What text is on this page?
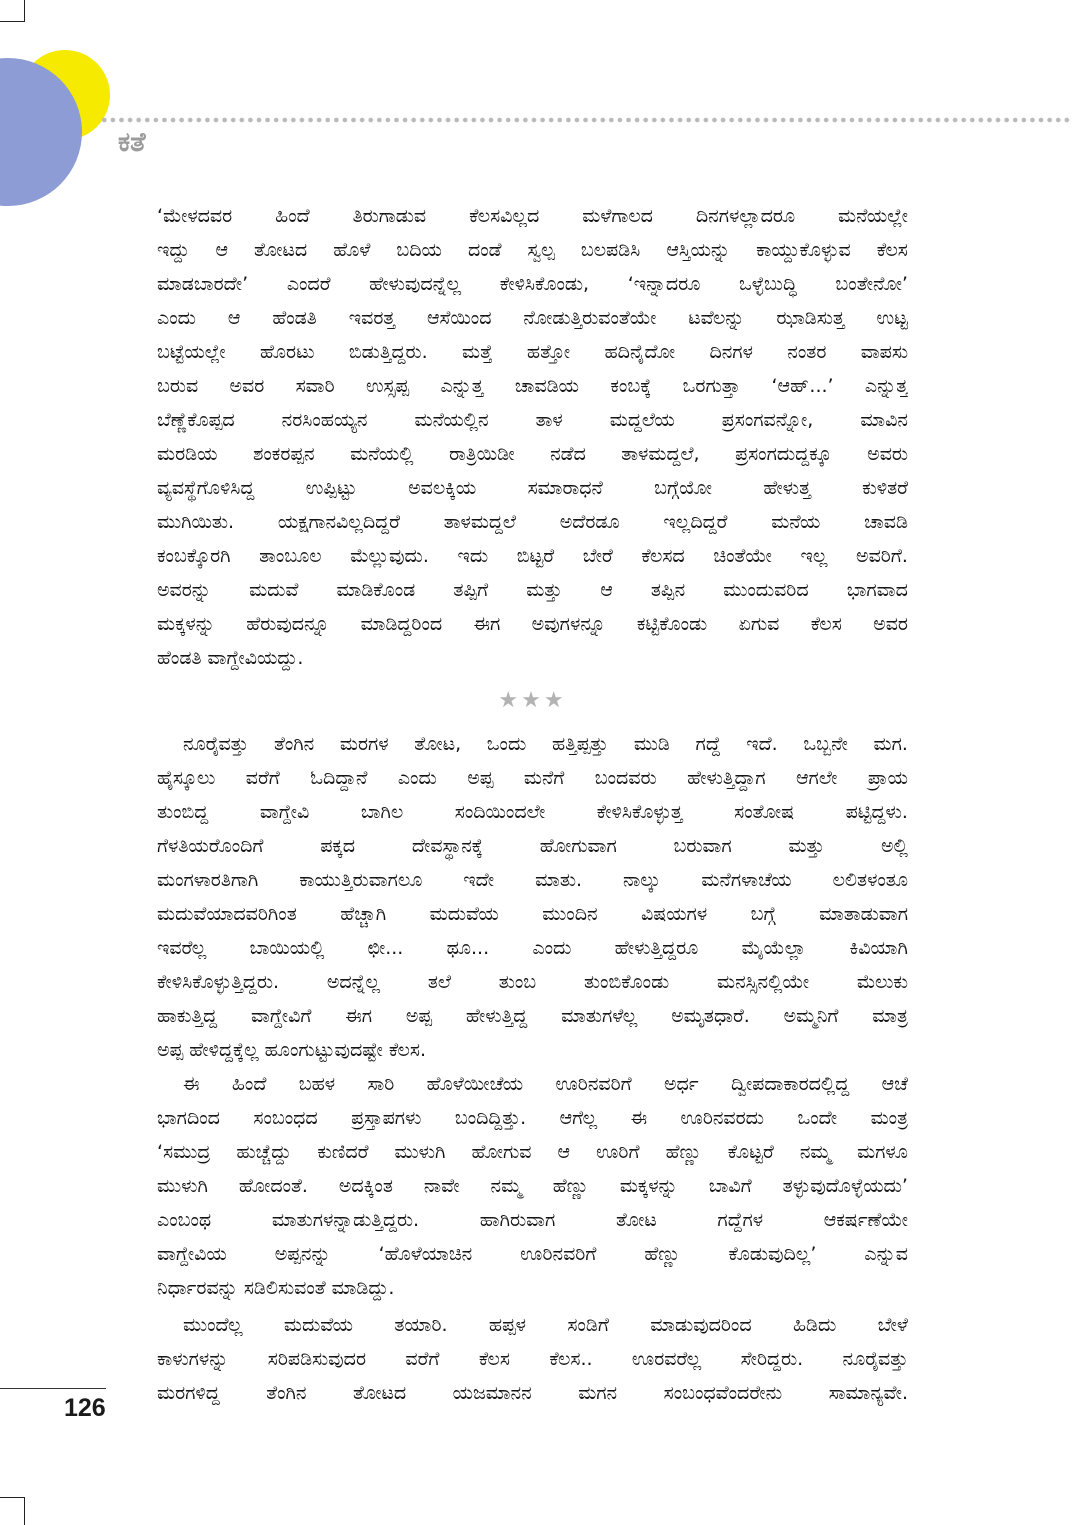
ಕತೆ
‘ಮೇಳದವರ ಹಿಂದೆ ತಿರುಗಾಡುವ ಕೆಲಸವಿಲ್ಲದ ಮಳೆಗಾಲದ ದಿನಗಳಲ್ಲಾದರೂ ಮನೆಯಲ್ಲೇ
ಇದ್ದು ಆ ತೋಟದ ಹೊಳೆ ಬದಿಯ ದಂಡೆ ಸ್ವಲ್ಪ ಬಲಪಡಿಸಿ ಆಸ್ತಿಯನ್ನು ಕಾಯ್ದುಕೊಳ್ಳುವ ಕೆಲಸ
ಮಾಡಬಾರದೇ’ ಎಂದರೆ ಹೇಳುವುದನ್ನೆಲ್ಲ ಕೇಳಿಸಿಕೊಂಡು, ‘ಇನ್ನಾದರೂ ಒಳ್ಳೆಬುದ್ಧಿ ಬಂತೇನೋ’
ಎಂದು ಆ ಹೆಂಡತಿ ಇವರತ್ತ ಆಸೆಯಿಂದ ನೋಡುತ್ತಿರುವಂತೆಯೇ ಟವೆಲನ್ನು ಝಾಡಿಸುತ್ತ ಉಟ್ಟ
ಬಟ್ಟೆಯಲ್ಲೇ ಹೊರಟು ಬಿಡುತ್ತಿದ್ದರು. ಮತ್ತೆ ಹತ್ತೋ ಹದಿನೈದೋ ದಿನಗಳ ನಂತರ ವಾಪಸು
ಬರುವ ಅವರ ಸವಾರಿ ಉಸ್ಸಪ್ಪ ಎನ್ನುತ್ತ ಚಾವಡಿಯ ಕಂಬಕ್ಕೆ ಒರಗುತ್ತಾ ‘ಆಹ್...’ ಎನ್ನುತ್ತ
ಬೆಣ್ಣೆಕೊಪ್ಪದ ನರಸಿಂಹಯ್ಯನ ಮನೆಯಲ್ಲಿನ ತಾಳ ಮದ್ದಲೆಯ ಪ್ರಸಂಗವನ್ನೋ, ಮಾವಿನ
ಮರಡಿಯ ಶಂಕರಪ್ಪನ ಮನೆಯಲ್ಲಿ ರಾತ್ರಿಯಿಡೀ ನಡೆದ ತಾಳಮದ್ದಲೆ, ಪ್ರಸಂಗದುದ್ದಕ್ಕೂ ಅವರು
ವ್ಯವಸ್ಥೆಗೊಳಿಸಿದ್ದ	ಉಪ್ಪಿಟ್ಟು	ಅವಲಕ್ಕಿಯ	ಸಮಾರಾಧನೆ	ಬಗ್ಗೆಯೋ	ಹೇಳುತ್ತ	ಕುಳಿತರೆ
ಮುಗಿಯಿತು. ಯಕ್ಷಗಾನವಿಲ್ಲದಿದ್ದರೆ ತಾಳಮದ್ದಲೆ ಅದೆರಡೂ ಇಲ್ಲದಿದ್ದರೆ ಮನೆಯ ಚಾವಡಿ
ಕಂಬಕ್ಕೊರಗಿ ತಾಂಬೂಲ ಮೆಲ್ಲುವುದು. ಇದು ಬಿಟ್ಟರೆ ಬೇರೆ ಕೆಲಸದ ಚಿಂತೆಯೇ ಇಲ್ಲ ಅವರಿಗೆ.
ಅವರನ್ನು ಮದುವೆ ಮಾಡಿಕೊಂಡ ತಪ್ಪಿಗೆ ಮತ್ತು ಆ ತಪ್ಪಿನ ಮುಂದುವರಿದ ಭಾಗವಾದ
ಮಕ್ಕಳನ್ನು ಹೆರುವುದನ್ನೂ ಮಾಡಿದ್ದರಿಂದ ಈಗ ಅವುಗಳನ್ನೂ ಕಟ್ಟಿಕೊಂಡು ಏಗುವ ಕೆಲಸ ಅವರ
ಹೆಂಡತಿ ವಾಗ್ದೇವಿಯದ್ದು.
★★★
ನೂರೈವತ್ತು ತೆಂಗಿನ ಮರಗಳ ತೋಟ, ಒಂದು ಹತ್ತಿಪ್ಪತ್ತು ಮುಡಿ ಗದ್ದೆ ಇದೆ. ಒಬ್ಬನೇ ಮಗ.
ಹೈಸ್ಕೂಲು ವರೆಗೆ ಓದಿದ್ದಾನೆ ಎಂದು ಅಪ್ಪ ಮನೆಗೆ ಬಂದವರು ಹೇಳುತ್ತಿದ್ದಾಗ ಆಗಲೇ ಪ್ರಾಯ
ತುಂಬಿದ್ದ	ವಾಗ್ದೇವಿ	ಬಾಗಿಲ	ಸಂದಿಯಿಂದಲೇ	ಕೇಳಿಸಿಕೊಳ್ಳುತ್ತ	ಸಂತೋಷ	ಪಟ್ಟಿದ್ದಳು.
ಗೆಳತಿಯರೊಂದಿಗೆ	ಪಕ್ಕದ	ದೇವಸ್ಥಾನಕ್ಕೆ	ಹೋಗುವಾಗ	ಬರುವಾಗ	ಮತ್ತು	ಅಲ್ಲಿ
ಮಂಗಳಾರತಿಗಾಗಿ ಕಾಯುತ್ತಿರುವಾಗಲೂ ಇದೇ ಮಾತು. ನಾಲ್ಕು ಮನೆಗಳಾಚೆಯ ಲಲಿತಳಂತೂ
ಮದುವೆಯಾದವರಿಗಿಂತ ಹೆಚ್ಚಾಗಿ ಮದುವೆಯ ಮುಂದಿನ ವಿಷಯಗಳ ಬಗ್ಗೆ ಮಾತಾಡುವಾಗ
ಇವರೆಲ್ಲ ಬಾಯಿಯಲ್ಲಿ ಛೀ... ಥೂ... ಎಂದು ಹೇಳುತ್ತಿದ್ದರೂ ಮೈಯೆಲ್ಲಾ ಕಿವಿಯಾಗಿ
ಕೇಳಿಸಿಕೊಳ್ಳುತ್ತಿದ್ದರು.	ಅದನ್ನೆಲ್ಲ	ತಲೆ	ತುಂಬ	ತುಂಬಿಕೊಂಡು	ಮನಸ್ಸಿನಲ್ಲಿಯೇ	ಮೆಲುಕು
ಹಾಕುತ್ತಿದ್ದ ವಾಗ್ದೇವಿಗೆ ಈಗ ಅಪ್ಪ ಹೇಳುತ್ತಿದ್ದ ಮಾತುಗಳೆಲ್ಲ ಅಮೃತಧಾರೆ. ಅಮ್ಮನಿಗೆ ಮಾತ್ರ
ಅಪ್ಪ ಹೇಳಿದ್ದಕ್ಕೆಲ್ಲ ಹೂಂಗುಟ್ಟುವುದಷ್ಟೇ ಕೆಲಸ.
ಈ ಹಿಂದೆ ಬಹಳ ಸಾರಿ ಹೊಳೆಯೀಚೆಯ ಊರಿನವರಿಗೆ ಅರ್ಧ ದ್ವೀಪದಾಕಾರದಲ್ಲಿದ್ದ ಆಚೆ
ಭಾಗದಿಂದ ಸಂಬಂಧದ ಪ್ರಸ್ತಾಪಗಳು ಬಂದಿದ್ದಿತ್ತು. ಆಗೆಲ್ಲ ಈ ಊರಿನವರದು ಒಂದೇ ಮಂತ್ರ
‘ಸಮುದ್ರ ಹುಚ್ಚೆದ್ದು ಕುಣಿದರೆ ಮುಳುಗಿ ಹೋಗುವ ಆ ಊರಿಗೆ ಹೆಣ್ಣು ಕೊಟ್ಟರೆ ನಮ್ಮ ಮಗಳೂ
ಮುಳುಗಿ ಹೋದಂತೆ. ಅದಕ್ಕಿಂತ ನಾವೇ ನಮ್ಮ ಹೆಣ್ಣು ಮಕ್ಕಳನ್ನು ಬಾವಿಗೆ ತಳ್ಳುವುದೊಳ್ಳೆಯದು’
ಎಂಬಂಥ	ಮಾತುಗಳನ್ನಾಡುತ್ತಿದ್ದರು.	ಹಾಗಿರುವಾಗ	ತೋಟ	ಗದ್ದೆಗಳ	ಆಕರ್ಷಣೆಯೇ
ವಾಗ್ದೇವಿಯ	ಅಪ್ಪನನ್ನು	‘ಹೊಳೆಯಾಚಿನ	ಊರಿನವರಿಗೆ	ಹೆಣ್ಣು	ಕೊಡುವುದಿಲ್ಲ’	ಎನ್ನುವ
ನಿರ್ಧಾರವನ್ನು ಸಡಿಲಿಸುವಂತೆ ಮಾಡಿದ್ದು.
ಮುಂದೆಲ್ಲ ಮದುವೆಯ ತಯಾರಿ. ಹಪ್ಪಳ ಸಂಡಿಗೆ ಮಾಡುವುದರಿಂದ ಹಿಡಿದು ಬೇಳೆ
ಕಾಳುಗಳನ್ನು ಸರಿಪಡಿಸುವುದರ ವರೆಗೆ ಕೆಲಸ ಕೆಲಸ.. ಊರವರೆಲ್ಲ ಸೇರಿದ್ದರು. ನೂರೈವತ್ತು
ಮರಗಳಿದ್ದ ತೆಂಗಿನ ತೋಟದ ಯಜಮಾನನ ಮಗನ ಸಂಬಂಧವೆಂದರೇನು ಸಾಮಾನ್ಯವೇ.
126
